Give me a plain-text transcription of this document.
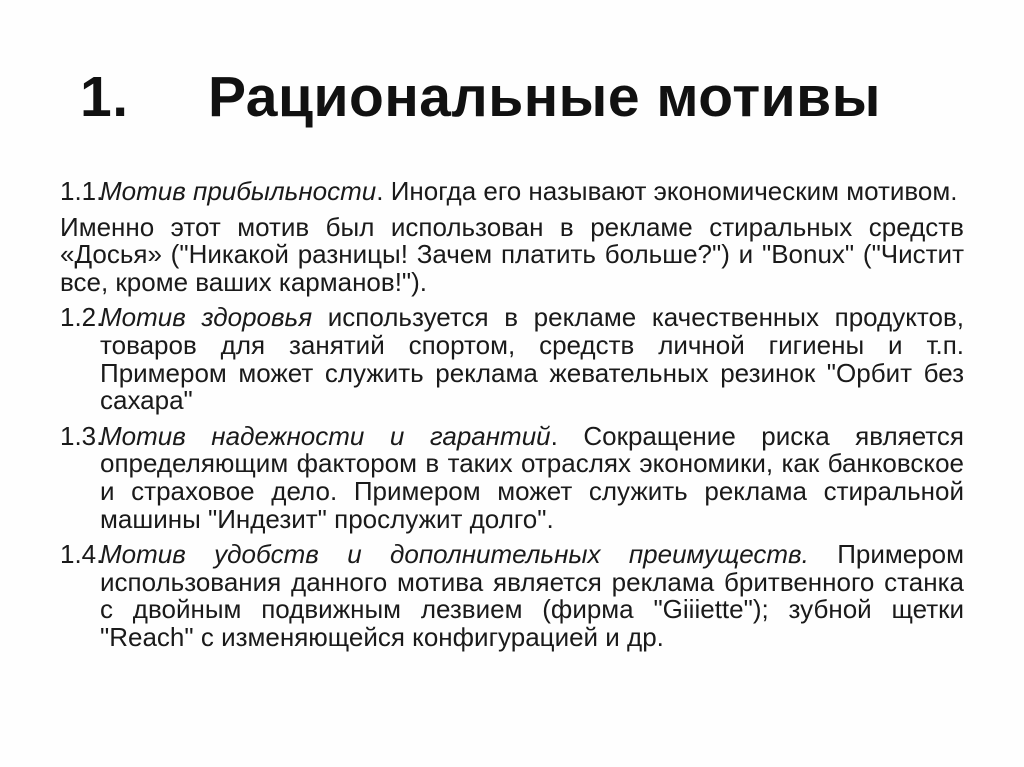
1. Рациональные мотивы
1.1.
Мотив прибыльности. Иногда его называют экономическим мотивом.
Именно этот мотив был использован в рекламе стиральных средств «Досья» ("Никакой разницы! Зачем платить больше?") и "Bonux" ("Чистит все, кроме ваших карманов!").
1.2.
Мотив здоровья используется в рекламе качественных продуктов, товаров для занятий спортом, средств личной гигиены и т.п. Примером может служить реклама жевательных резинок "Орбит без сахара"
1.3.
Мотив надежности и гарантий. Сокращение риска является определяющим фактором в таких отраслях экономики, как банковское и страховое дело. Примером может служить реклама стиральной машины "Индезит" прослужит долго".
1.4.
Мотив удобств и дополнительных преимуществ. Примером использования данного мотива является реклама бритвенного станка с двойным подвижным лезвием (фирма "Giiiette"); зубной щетки "Reach" с изменяющейся конфигурацией и др.
